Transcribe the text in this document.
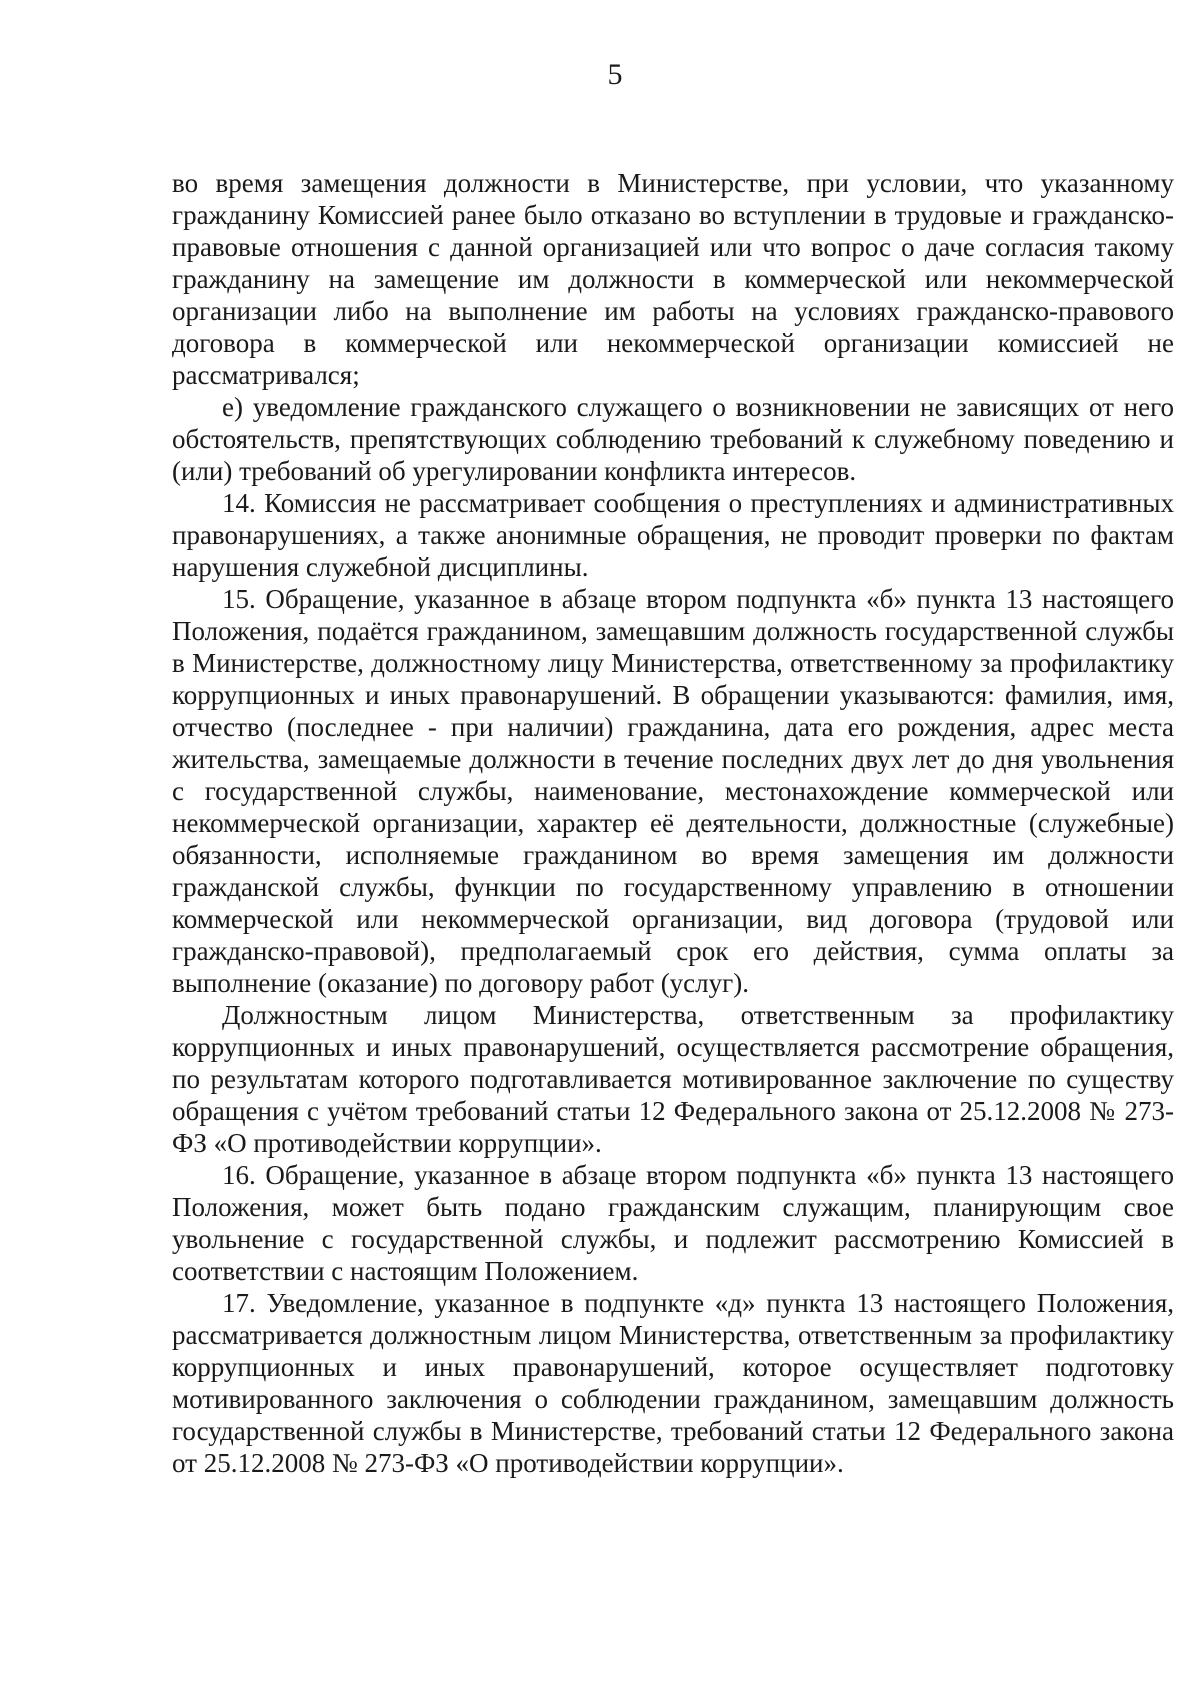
5

во время замещения должности в Министерстве, при условии, что указанному гражданину Комиссией ранее было отказано во вступлении в трудовые и гражданско-правовые отношения с данной организацией или что вопрос о даче согласия такому гражданину на замещение им должности в коммерческой или некоммерческой организации либо на выполнение им работы на условиях гражданско-правового договора в коммерческой или некоммерческой организации комиссией не рассматривался;

е) уведомление гражданского служащего о возникновении не зависящих от него обстоятельств, препятствующих соблюдению требований к служебному поведению и (или) требований об урегулировании конфликта интересов.

14. Комиссия не рассматривает сообщения о преступлениях и административных правонарушениях, а также анонимные обращения, не проводит проверки по фактам нарушения служебной дисциплины.

15. Обращение, указанное в абзаце втором подпункта «б» пункта 13 настоящего Положения, подаётся гражданином, замещавшим должность государственной службы в Министерстве, должностному лицу Министерства, ответственному за профилактику коррупционных и иных правонарушений. В обращении указываются: фамилия, имя, отчество (последнее - при наличии) гражданина, дата его рождения, адрес места жительства, замещаемые должности в течение последних двух лет до дня увольнения с государственной службы, наименование, местонахождение коммерческой или некоммерческой организации, характер её деятельности, должностные (служебные) обязанности, исполняемые гражданином во время замещения им должности гражданской службы, функции по государственному управлению в отношении коммерческой или некоммерческой организации, вид договора (трудовой или гражданско-правовой), предполагаемый срок его действия, сумма оплаты за выполнение (оказание) по договору работ (услуг).

Должностным лицом Министерства, ответственным за профилактику коррупционных и иных правонарушений, осуществляется рассмотрение обращения, по результатам которого подготавливается мотивированное заключение по существу обращения с учётом требований статьи 12 Федерального закона от 25.12.2008 № 273-ФЗ «О противодействии коррупции».

16. Обращение, указанное в абзаце втором подпункта «б» пункта 13 настоящего Положения, может быть подано гражданским служащим, планирующим свое увольнение с государственной службы, и подлежит рассмотрению Комиссией в соответствии с настоящим Положением.

17. Уведомление, указанное в подпункте «д» пункта 13 настоящего Положения, рассматривается должностным лицом Министерства, ответственным за профилактику коррупционных и иных правонарушений, которое осуществляет подготовку мотивированного заключения о соблюдении гражданином, замещавшим должность государственной службы в Министерстве, требований статьи 12 Федерального закона от 25.12.2008 № 273-ФЗ «О противодействии коррупции».
